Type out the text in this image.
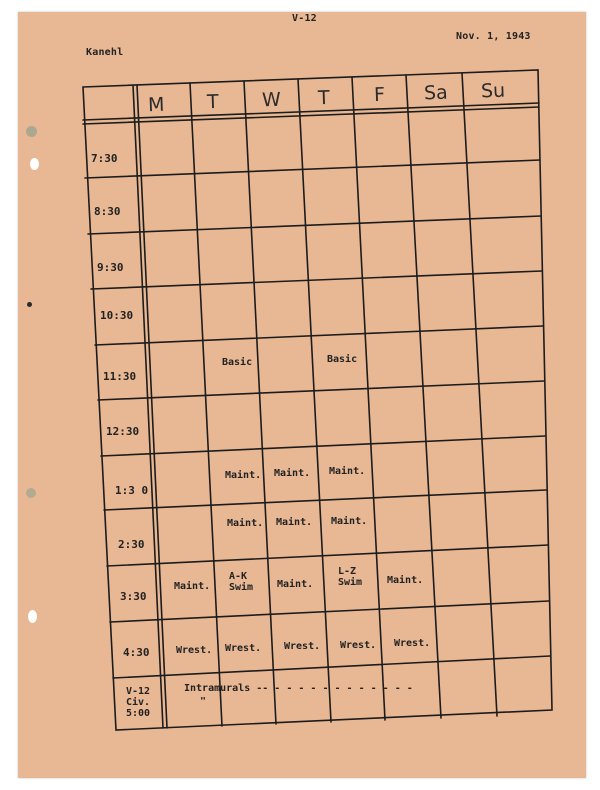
V-12
Kanehl
Nov. 1, 1943
M T W T F Sa Su
7:30
8:30
9:30
10:30
11:30
12:30
1:3 0
2:30
3:30
4:30
V-12
Civ.
5:00
Basic	Basic
Maint. Maint. Maint.
Maint. Maint. Maint.
Maint.
A-K
Swim Maint.
L-Z
Swim Maint.
Wrest. Wrest. Wrest. Wrest. Wrest.
Intramurals -- - - - - - - - - - - - -
"
